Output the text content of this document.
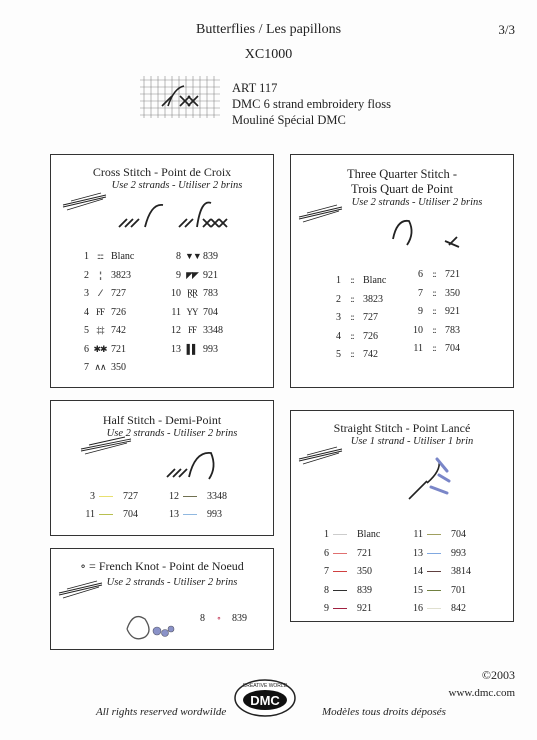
Butterflies / Les papillons
XC1000
3/3
ART 117
DMC 6 strand embroidery floss
Mouliné Spécial DMC
Cross Stitch - Point de Croix
Use 2 strands - Utiliser 2 brins
1 :::: Blanc
2 ¦¦ 3823
3 ⁄⁄ 727
4 FF 726
5 ‡‡ 742
6 ✱✱ 721
7 ∧∧ 350
8 ▼▼ 839
9 ◤◤ 921
10 ⱤⱤ 783
11 YY 704
12 FF 3348
13 ▌▌ 993
Three Quarter Stitch -
Trois Quart de Point
Use 2 strands - Utiliser 2 brins
1 :: Blanc
2 :: 3823
3 :: 727
4 :: 726
5 :: 742
6 :: 721
7 :: 350
9 :: 921
10 :: 783
11 :: 704
Half Stitch - Demi-Point
Use 2 strands - Utiliser 2 brins
3	727
11	704
12	3348
13	993
∘ = French Knot - Point de Noeud
Use 2 strands - Utiliser 2 brins
8 ∘ 839
Straight Stitch - Point Lancé
Use 1 strand - Utiliser 1 brin
1	Blanc
6	721
7	350
8	839
9	921
11	704
13	993
14	3814
15	701
16	842
©2003
www.dmc.com
All rights reserved wordwilde	Modèles tous droits déposés
DMC
CREATIVE WORLD
